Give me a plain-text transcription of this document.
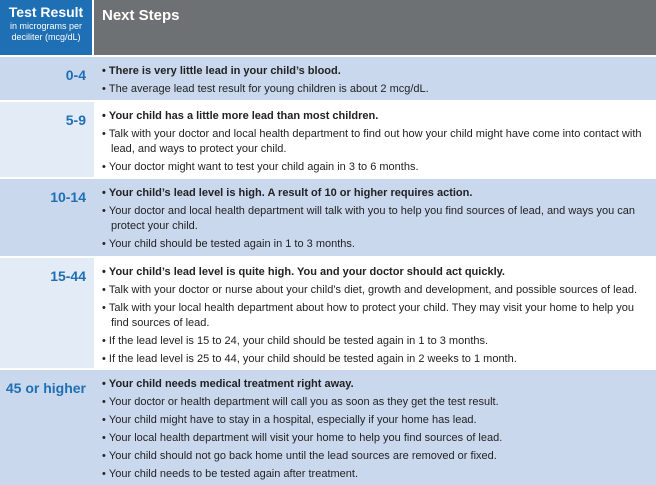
Test Result
in micrograms per deciliter (mcg/dL)
Next Steps
0-4	• There is very little lead in your child’s blood.
• The average lead test result for young children is about 2 mcg/dL.
5-9	• Your child has a little more lead than most children.
• Talk with your doctor and local health department to find out how your child might have come into contact with lead, and ways to protect your child.
• Your doctor might want to test your child again in 3 to 6 months.
10-14	• Your child’s lead level is high. A result of 10 or higher requires action.
• Your doctor and local health department will talk with you to help you find sources of lead, and ways you can protect your child.
• Your child should be tested again in 1 to 3 months.
15-44	• Your child’s lead level is quite high. You and your doctor should act quickly.
• Talk with your doctor or nurse about your child’s diet, growth and development, and possible sources of lead.
• Talk with your local health department about how to protect your child. They may visit your home to help you find sources of lead.
• If the lead level is 15 to 24, your child should be tested again in 1 to 3 months.
• If the lead level is 25 to 44, your child should be tested again in 2 weeks to 1 month.
45 or higher	• Your child needs medical treatment right away.
• Your doctor or health department will call you as soon as they get the test result.
• Your child might have to stay in a hospital, especially if your home has lead.
• Your local health department will visit your home to help you find sources of lead.
• Your child should not go back home until the lead sources are removed or fixed.
• Your child needs to be tested again after treatment.
